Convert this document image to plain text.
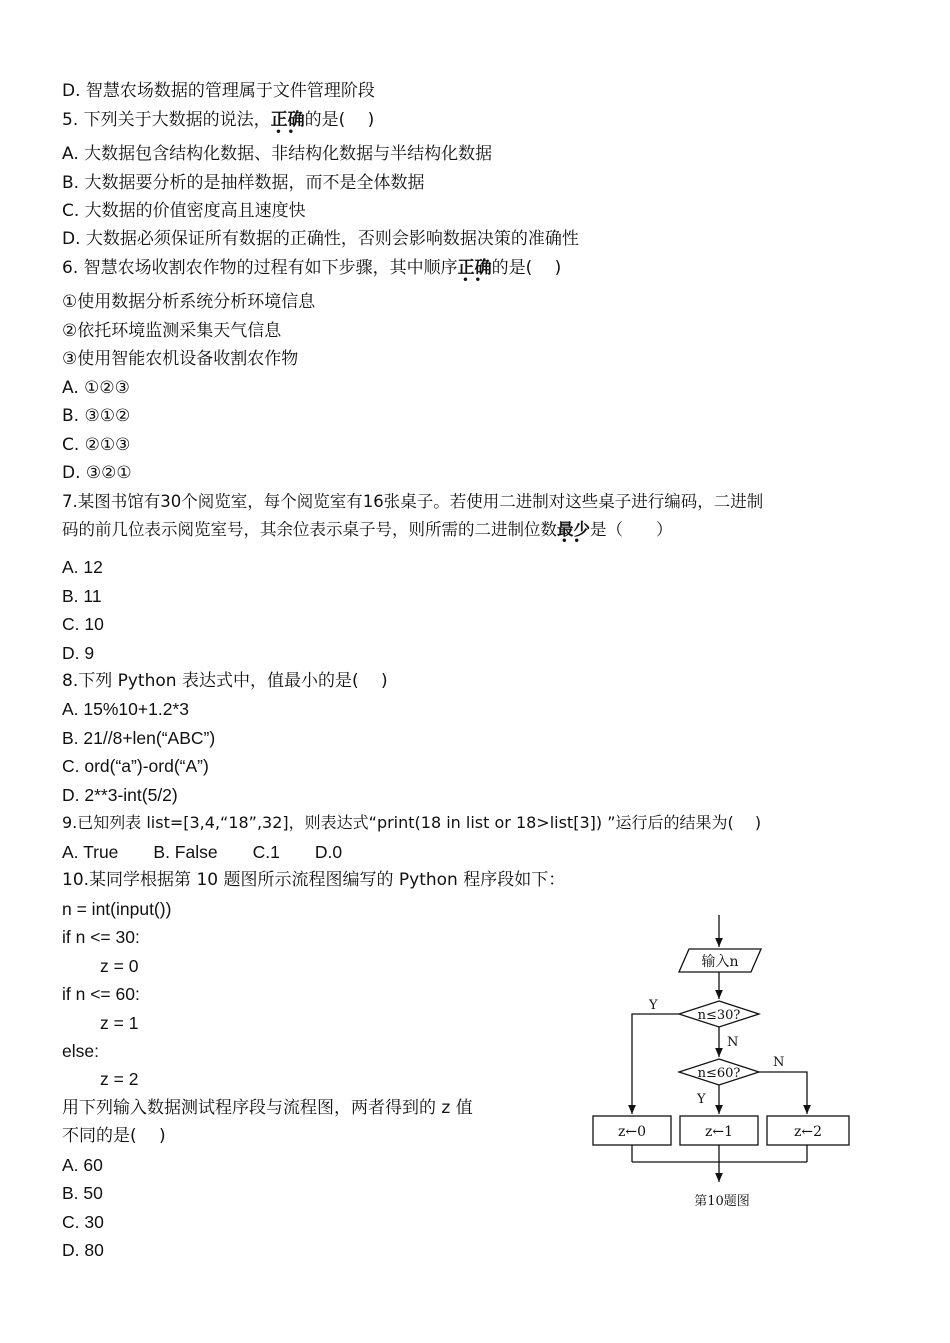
D. 智慧农场数据的管理属于文件管理阶段
5. 下列关于大数据的说法，正确
••
的是(　 )
A. 大数据包含结构化数据、非结构化数据与半结构化数据
B. 大数据要分析的是抽样数据，而不是全体数据
C. 大数据的价值密度高且速度快
D. 大数据必须保证所有数据的正确性，否则会影响数据决策的准确性
6. 智慧农场收割农作物的过程有如下步骤，其中顺序正确
••
的是(　 )
①使用数据分析系统分析环境信息
②依托环境监测采集天气信息
③使用智能农机设备收割农作物
A. ①②③
B. ③①②
C. ②①③
D. ③②①
7.某图书馆有30个阅览室，每个阅览室有16张桌子。若使用二进制对这些桌子进行编码，二进制
码的前几位表示阅览室号，其余位表示桌子号，则所需的二进制位数最少
••
是（　　）
A. 12
B. 11
C. 10
D. 9
8.下列 Python 表达式中，值最小的是(　 )
A. 15%10+1.2*3
B. 21//8+len(“ABC”)
C. ord(“a”)-ord(“A”)
D. 2**3-int(5/2)
9.已知列表 list=[3,4,“18”,32]，则表达式“print(18 in list or 18>list[3]) ”运行后的结果为(　 )
A. True　　B. False　　C.1　　D.0
10.某同学根据第 10 题图所示流程图编写的 Python 程序段如下：
n = int(input())
if n <= 30:
z = 0
if n <= 60:
z = 1
else:
z = 2
用下列输入数据测试程序段与流程图，两者得到的 z 值
不同的是(　 )
A. 60
B. 50
C. 30
D. 80
输入n
n≤30?
n≤60?
Y
N
N
Y
z←0	z←1	z←2
第10题图
